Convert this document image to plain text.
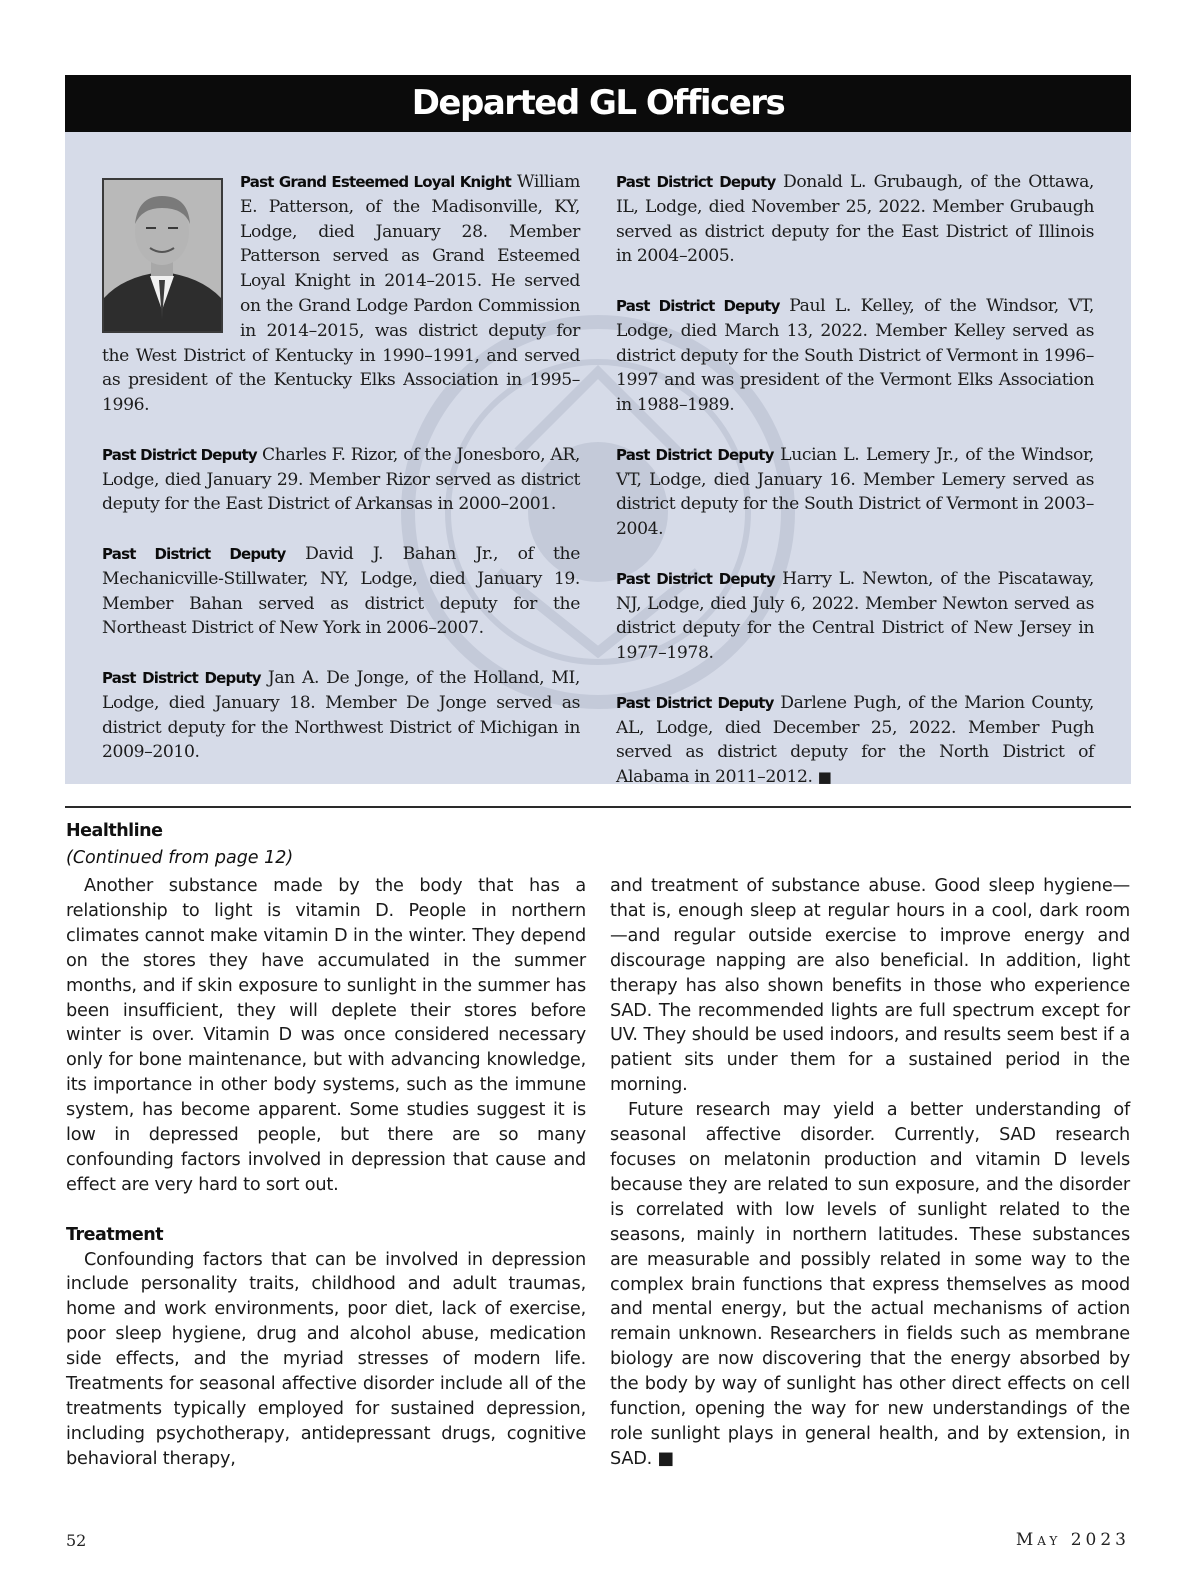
Departed GL Officers
Past Grand Esteemed Loyal Knight William E. Patterson, of the Madisonville, KY, Lodge, died January 28. Member Patterson served as Grand Esteemed Loyal Knight in 2014–2015. He served on the Grand Lodge Pardon Commission in 2014–2015, was district deputy for the West District of Kentucky in 1990–1991, and served as president of the Kentucky Elks Association in 1995–1996.
Past District Deputy Charles F. Rizor, of the Jonesboro, AR, Lodge, died January 29. Member Rizor served as district deputy for the East District of Arkansas in 2000–2001.
Past District Deputy David J. Bahan Jr., of the Mechanicville-Stillwater, NY, Lodge, died January 19. Member Bahan served as district deputy for the Northeast District of New York in 2006–2007.
Past District Deputy Jan A. De Jonge, of the Holland, MI, Lodge, died January 18. Member De Jonge served as district deputy for the Northwest District of Michigan in 2009–2010.
Past District Deputy Donald L. Grubaugh, of the Ottawa, IL, Lodge, died November 25, 2022. Member Grubaugh served as district deputy for the East District of Illinois in 2004–2005.
Past District Deputy Paul L. Kelley, of the Windsor, VT, Lodge, died March 13, 2022. Member Kelley served as district deputy for the South District of Vermont in 1996–1997 and was president of the Vermont Elks Association in 1988–1989.
Past District Deputy Lucian L. Lemery Jr., of the Windsor, VT, Lodge, died January 16. Member Lemery served as district deputy for the South District of Vermont in 2003–2004.
Past District Deputy Harry L. Newton, of the Piscataway, NJ, Lodge, died July 6, 2022. Member Newton served as district deputy for the Central District of New Jersey in 1977–1978.
Past District Deputy Darlene Pugh, of the Marion County, AL, Lodge, died December 25, 2022. Member Pugh served as district deputy for the North District of Alabama in 2011–2012. ■
Healthline
(Continued from page 12)

Another substance made by the body that has a relationship to light is vitamin D. People in northern climates cannot make vitamin D in the winter. They depend on the stores they have accumulated in the summer months, and if skin exposure to sunlight in the summer has been insufficient, they will deplete their stores before winter is over. Vitamin D was once considered necessary only for bone maintenance, but with advancing knowledge, its importance in other body systems, such as the immune system, has become apparent. Some studies suggest it is low in depressed people, but there are so many confounding factors involved in depression that cause and effect are very hard to sort out.

Treatment

Confounding factors that can be involved in depression include personality traits, childhood and adult traumas, home and work environments, poor diet, lack of exercise, poor sleep hygiene, drug and alcohol abuse, medication side effects, and the myriad stresses of modern life. Treatments for seasonal affective disorder include all of the treatments typically employed for sustained depression, including psychotherapy, antidepressant drugs, cognitive behavioral therapy,

and treatment of substance abuse. Good sleep hygiene—that is, enough sleep at regular hours in a cool, dark room—and regular outside exercise to improve energy and discourage napping are also beneficial. In addition, light therapy has also shown benefits in those who experience SAD. The recommended lights are full spectrum except for UV. They should be used indoors, and results seem best if a patient sits under them for a sustained period in the morning.

Future research may yield a better understanding of seasonal affective disorder. Currently, SAD research focuses on melatonin production and vitamin D levels because they are related to sun exposure, and the disorder is correlated with low levels of sunlight related to the seasons, mainly in northern latitudes. These substances are measurable and possibly related in some way to the complex brain functions that express themselves as mood and mental energy, but the actual mechanisms of action remain unknown. Researchers in fields such as membrane biology are now discovering that the energy absorbed by the body by way of sunlight has other direct effects on cell function, opening the way for new understandings of the role sunlight plays in general health, and by extension, in SAD. ■

52	May 2023
